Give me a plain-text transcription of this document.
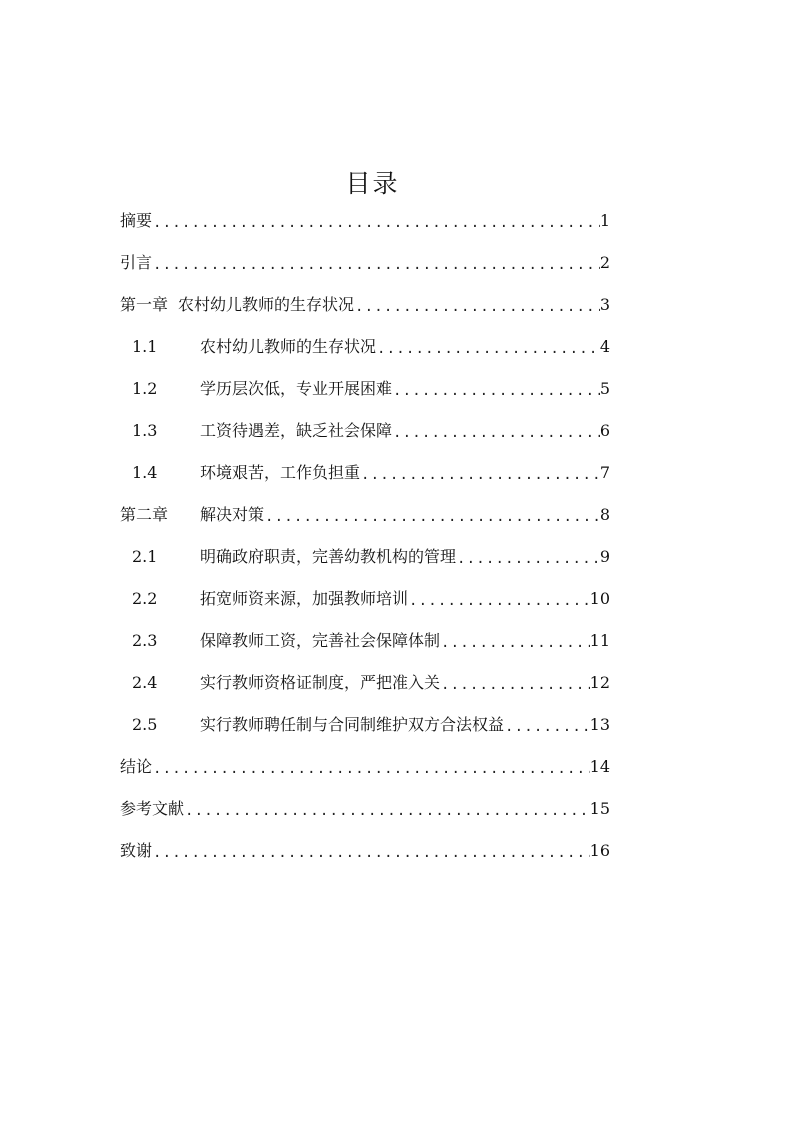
目录
摘要 .....	1
引言 .....	2
第一章 农村幼儿教师的生存状况 .....	3
1.1	农村幼儿教师的生存状况 .....	4
1.2	学历层次低，专业开展困难 .....	5
1.3	工资待遇差，缺乏社会保障 .....	6
1.4	环境艰苦，工作负担重 .....	7
第二章	解决对策 .....	8
2.1	明确政府职责，完善幼教机构的管理 .....	9
2.2	拓宽师资来源，加强教师培训 .....	10
2.3	保障教师工资，完善社会保障体制 .....	11
2.4	实行教师资格证制度，严把准入关 .....	12
2.5	实行教师聘任制与合同制维护双方合法权益 .....	13
结论 .....	14
参考文献 .....	15
致谢 .....	16
